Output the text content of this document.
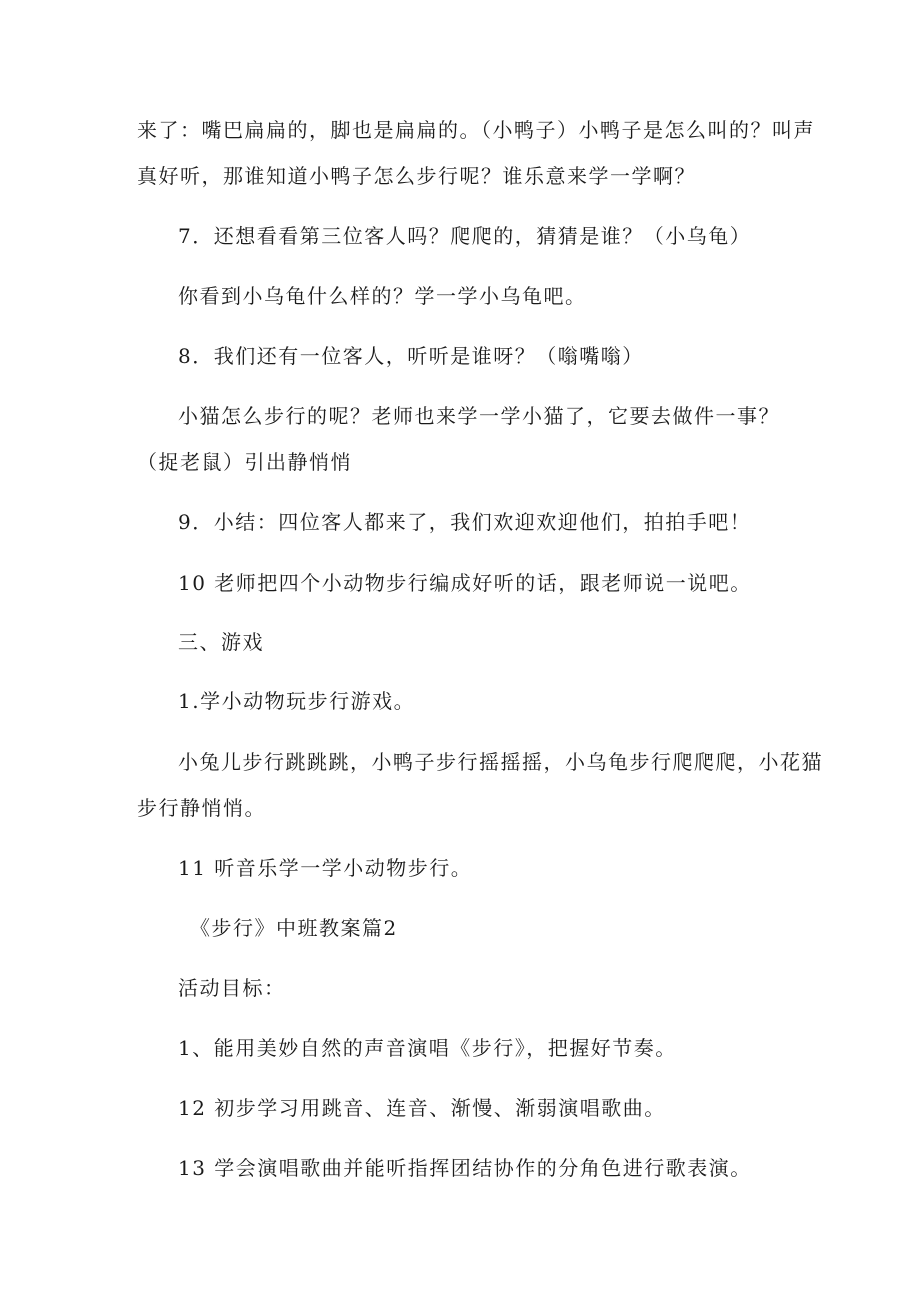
来了：嘴巴扁扁的，脚也是扁扁的。（小鸭子）小鸭子是怎么叫的？叫声
真好听，那谁知道小鸭子怎么步行呢？谁乐意来学一学啊？
7．还想看看第三位客人吗？爬爬的，猜猜是谁？（小乌龟）
你看到小乌龟什么样的？学一学小乌龟吧。
8．我们还有一位客人，听听是谁呀？（嗡嘴嗡）
小猫怎么步行的呢？老师也来学一学小猫了，它要去做件一事？
（捉老鼠）引出静悄悄
9．小结：四位客人都来了，我们欢迎欢迎他们，拍拍手吧！
10 老师把四个小动物步行编成好听的话，跟老师说一说吧。
三、游戏
1.学小动物玩步行游戏。
小兔儿步行跳跳跳，小鸭子步行摇摇摇，小乌龟步行爬爬爬，小花猫
步行静悄悄。
11 听音乐学一学小动物步行。
《步行》中班教案篇2
活动目标：
1、能用美妙自然的声音演唱《步行》，把握好节奏。
12 初步学习用跳音、连音、渐慢、渐弱演唱歌曲。
13 学会演唱歌曲并能听指挥团结协作的分角色进行歌表演。
